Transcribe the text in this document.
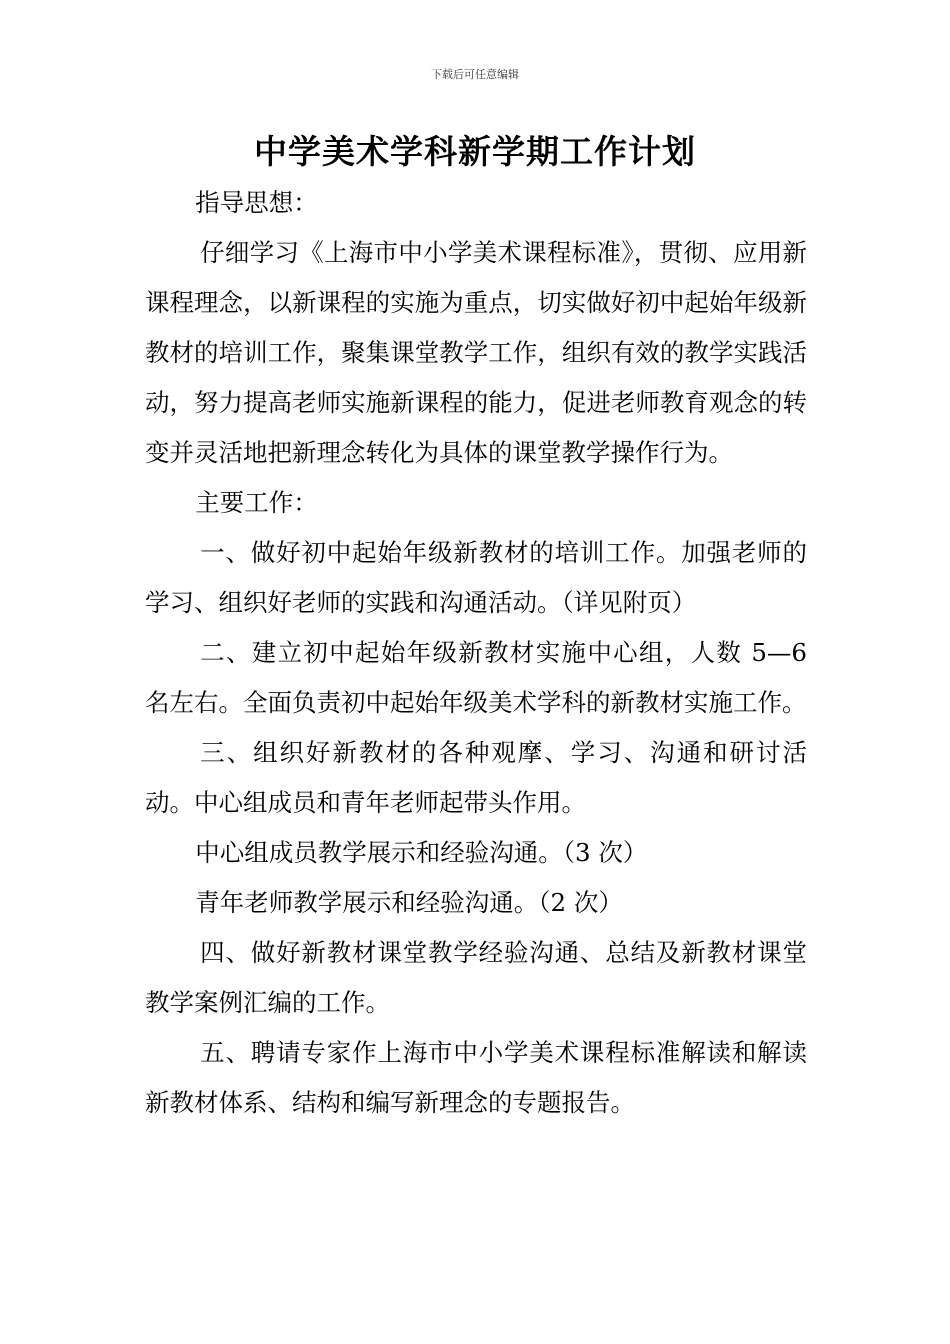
下载后可任意编辑
中学美术学科新学期工作计划

指导思想：

仔细学习《上海市中小学美术课程标准》，贯彻、应用新课程理念，以新课程的实施为重点，切实做好初中起始年级新教材的培训工作，聚集课堂教学工作，组织有效的教学实践活动，努力提高老师实施新课程的能力，促进老师教育观念的转变并灵活地把新理念转化为具体的课堂教学操作行为。

主要工作：

一、做好初中起始年级新教材的培训工作。加强老师的学习、组织好老师的实践和沟通活动。（详见附页）

二、建立初中起始年级新教材实施中心组，人数 5—6 名左右。全面负责初中起始年级美术学科的新教材实施工作。

三、组织好新教材的各种观摩、学习、沟通和研讨活动。中心组成员和青年老师起带头作用。

中心组成员教学展示和经验沟通。（3 次）

青年老师教学展示和经验沟通。（2 次）

四、做好新教材课堂教学经验沟通、总结及新教材课堂教学案例汇编的工作。

五、聘请专家作上海市中小学美术课程标准解读和解读新教材体系、结构和编写新理念的专题报告。
